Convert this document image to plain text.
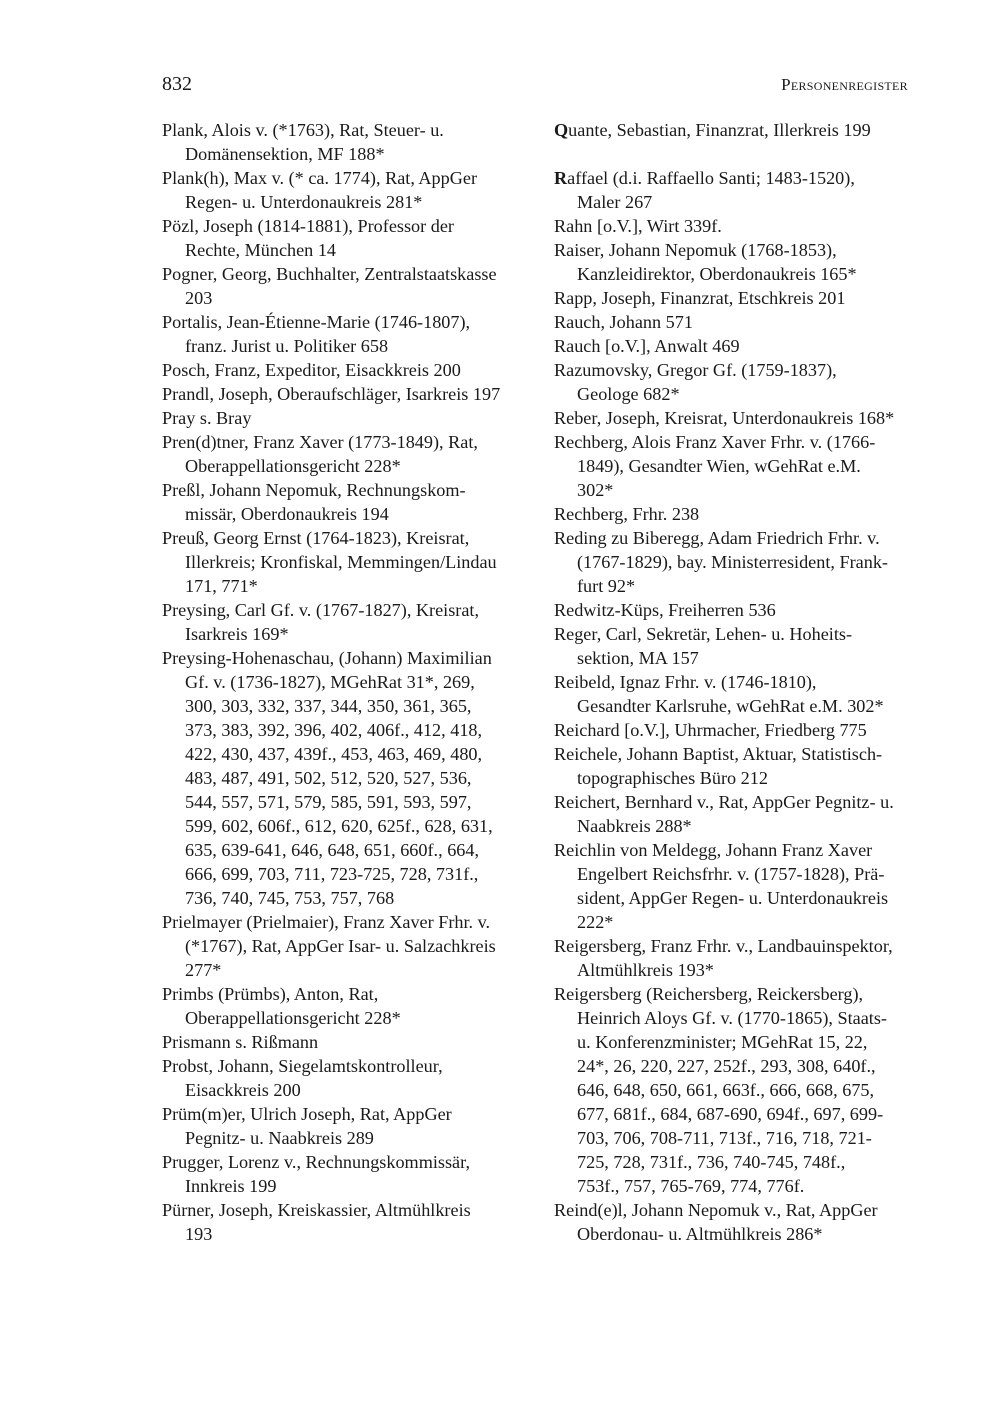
832	Personenregister
Plank, Alois v. (*1763), Rat, Steuer- u.
Domänensektion, MF 188*
Plank(h), Max v. (* ca. 1774), Rat, AppGer
Regen- u. Unterdonaukreis 281*
Pözl, Joseph (1814-1881), Professor der
Rechte, München 14
Pogner, Georg, Buchhalter, Zentralstaatskasse
203
Portalis, Jean-Étienne-Marie (1746-1807),
franz. Jurist u. Politiker 658
Posch, Franz, Expeditor, Eisackkreis 200
Prandl, Joseph, Oberaufschläger, Isarkreis 197
Pray s. Bray
Pren(d)tner, Franz Xaver (1773-1849), Rat,
Oberappellationsgericht 228*
Preßl, Johann Nepomuk, Rechnungskom-
missär, Oberdonaukreis 194
Preuß, Georg Ernst (1764-1823), Kreisrat,
Illerkreis; Kronfiskal, Memmingen/Lindau
171, 771*
Preysing, Carl Gf. v. (1767-1827), Kreisrat,
Isarkreis 169*
Preysing-Hohenaschau, (Johann) Maximilian
Gf. v. (1736-1827), MGehRat 31*, 269,
300, 303, 332, 337, 344, 350, 361, 365,
373, 383, 392, 396, 402, 406f., 412, 418,
422, 430, 437, 439f., 453, 463, 469, 480,
483, 487, 491, 502, 512, 520, 527, 536,
544, 557, 571, 579, 585, 591, 593, 597,
599, 602, 606f., 612, 620, 625f., 628, 631,
635, 639-641, 646, 648, 651, 660f., 664,
666, 699, 703, 711, 723-725, 728, 731f.,
736, 740, 745, 753, 757, 768
Prielmayer (Prielmaier), Franz Xaver Frhr. v.
(*1767), Rat, AppGer Isar- u. Salzachkreis
277*
Primbs (Prümbs), Anton, Rat,
Oberappellationsgericht 228*
Prismann s. Rißmann
Probst, Johann, Siegelamtskontrolleur,
Eisackkreis 200
Prüm(m)er, Ulrich Joseph, Rat, AppGer
Pegnitz- u. Naabkreis 289
Prugger, Lorenz v., Rechnungskommissär,
Innkreis 199
Pürner, Joseph, Kreiskassier, Altmühlkreis
193
Quante, Sebastian, Finanzrat, Illerkreis 199
Raffael (d.i. Raffaello Santi; 1483-1520),
Maler 267
Rahn [o.V.], Wirt 339f.
Raiser, Johann Nepomuk (1768-1853),
Kanzleidirektor, Oberdonaukreis 165*
Rapp, Joseph, Finanzrat, Etschkreis 201
Rauch, Johann 571
Rauch [o.V.], Anwalt 469
Razumovsky, Gregor Gf. (1759-1837),
Geologe 682*
Reber, Joseph, Kreisrat, Unterdonaukreis 168*
Rechberg, Alois Franz Xaver Frhr. v. (1766-
1849), Gesandter Wien, wGehRat e.M.
302*
Rechberg, Frhr. 238
Reding zu Biberegg, Adam Friedrich Frhr. v.
(1767-1829), bay. Ministerresident, Frank-
furt 92*
Redwitz-Küps, Freiherren 536
Reger, Carl, Sekretär, Lehen- u. Hoheits-
sektion, MA 157
Reibeld, Ignaz Frhr. v. (1746-1810),
Gesandter Karlsruhe, wGehRat e.M. 302*
Reichard [o.V.], Uhrmacher, Friedberg 775
Reichele, Johann Baptist, Aktuar, Statistisch-
topographisches Büro 212
Reichert, Bernhard v., Rat, AppGer Pegnitz- u.
Naabkreis 288*
Reichlin von Meldegg, Johann Franz Xaver
Engelbert Reichsfrhr. v. (1757-1828), Prä-
sident, AppGer Regen- u. Unterdonaukreis
222*
Reigersberg, Franz Frhr. v., Landbauinspektor,
Altmühlkreis 193*
Reigersberg (Reichersberg, Reickersberg),
Heinrich Aloys Gf. v. (1770-1865), Staats-
u. Konferenzminister; MGehRat 15, 22,
24*, 26, 220, 227, 252f., 293, 308, 640f.,
646, 648, 650, 661, 663f., 666, 668, 675,
677, 681f., 684, 687-690, 694f., 697, 699-
703, 706, 708-711, 713f., 716, 718, 721-
725, 728, 731f., 736, 740-745, 748f.,
753f., 757, 765-769, 774, 776f.
Reind(e)l, Johann Nepomuk v., Rat, AppGer
Oberdonau- u. Altmühlkreis 286*
